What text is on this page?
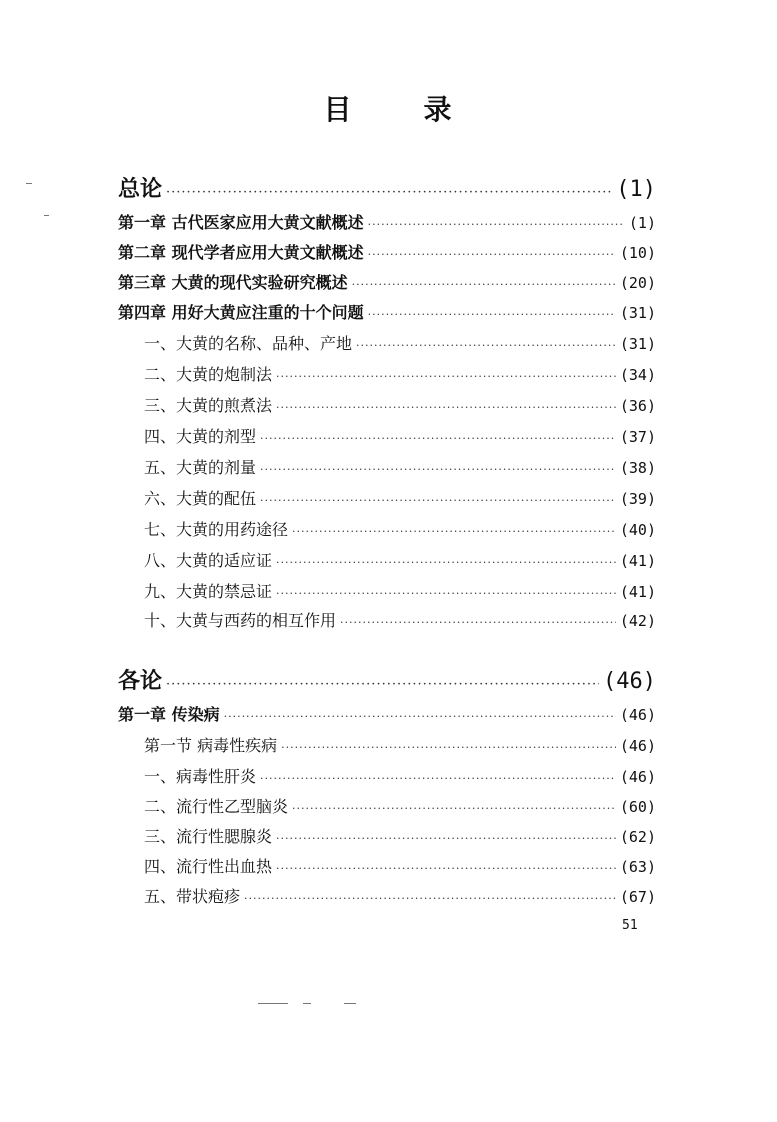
目	录
总论 ·····	(1)
第一章 古代医家应用大黄文献概述 ·····	(1)
第二章 现代学者应用大黄文献概述 ·····	(10)
第三章 大黄的现代实验研究概述 ·····	(20)
第四章 用好大黄应注重的十个问题 ·····	(31)
一、大黄的名称、品种、产地 ·····	(31)
二、大黄的炮制法 ·····	(34)
三、大黄的煎煮法 ·····	(36)
四、大黄的剂型 ·····	(37)
五、大黄的剂量 ·····	(38)
六、大黄的配伍 ·····	(39)
七、大黄的用药途径 ·····	(40)
八、大黄的适应证 ·····	(41)
九、大黄的禁忌证 ·····	(41)
十、大黄与西药的相互作用 ·····	(42)
各论 ·····	(46)
第一章 传染病 ·····	(46)
第一节 病毒性疾病 ·····	(46)
一、病毒性肝炎 ·····	(46)
二、流行性乙型脑炎 ·····	(60)
三、流行性腮腺炎 ·····	(62)
四、流行性出血热 ·····	(63)
五、带状疱疹 ·····	(67)
51
